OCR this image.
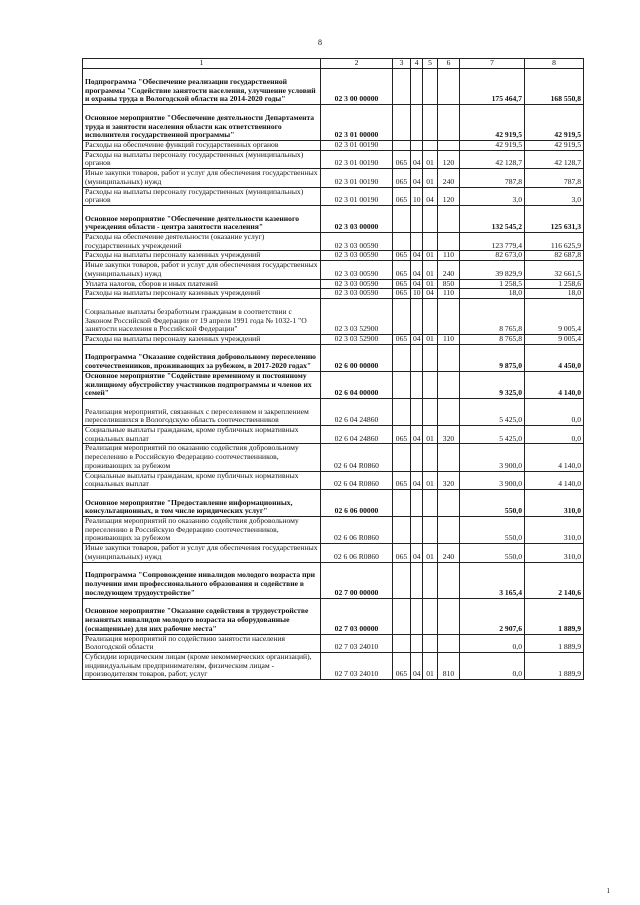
8
1	2	3	4	5	6	7	8
Подпрограмма "Обеспечение реализации государственной программы "Содействие занятости населения, улучшение условий и охраны труда в Вологодской области на 2014-2020 годы"	02 3 00 00000					175 464,7	168 550,8
Основное мероприятие "Обеспечение деятельности Департамента труда и занятости населения области как ответственного исполнителя государственной программы"	02 3 01 00000					42 919,5	42 919,5
Расходы на обеспечение функций государственных органов	02 3 01 00190					42 919,5	42 919,5
Расходы на выплаты персоналу государственных (муниципальных) органов	02 3 01 00190	065	04	01	120	42 128,7	42 128,7
Иные закупки товаров, работ и услуг для обеспечения государственных (муниципальных) нужд	02 3 01 00190	065	04	01	240	787,8	787,8
Расходы на выплаты персоналу государственных (муниципальных) органов	02 3 01 00190	065	10	04	120	3,0	3,0
Основное мероприятие "Обеспечение деятельности казенного учреждения области - центра занятости населения"	02 3 03 00000					132 545,2	125 631,3
Расходы на обеспечение деятельности (оказание услуг) государственных учреждений	02 3 03 00590					123 779,4	116 625,9
Расходы на выплаты персоналу казенных учреждений	02 3 03 00590	065	04	01	110	82 673,0	82 687,8
Иные закупки товаров, работ и услуг для обеспечения государственных (муниципальных) нужд	02 3 03 00590	065	04	01	240	39 829,9	32 661,5
Уплата налогов, сборов и иных платежей	02 3 03 00590	065	04	01	850	1 258,5	1 258,6
Расходы на выплаты персоналу казенных учреждений	02 3 03 00590	065	10	04	110	18,0	18,0
Социальные выплаты безработным гражданам в соответствии с Законом Российской Федерации от 19 апреля 1991 года № 1032-1 "О занятости населения в Российской Федерации"	02 3 03 52900					8 765,8	9 005,4
Расходы на выплаты персоналу казенных учреждений	02 3 03 52900	065	04	01	110	8 765,8	9 005,4
Подпрограмма "Оказание содействия добровольному переселению соотечественников, проживающих за рубежом, в 2017-2020 годах"	02 6 00 00000					9 875,0	4 450,0
Основное мероприятие "Содействие временному и постоянному жилищному обустройству участников подпрограммы и членов их семей"	02 6 04 00000					9 325,0	4 140,0
Реализация мероприятий, связанных с переселением и закреплением переселившихся в Вологодскую область соотечественников	02 6 04 24860					5 425,0	0,0
Социальные выплаты гражданам, кроме публичных нормативных социальных выплат	02 6 04 24860	065	04	01	320	5 425,0	0,0
Реализация мероприятий по оказанию содействия добровольному переселению в Российскую Федерацию соотечественников, проживающих за рубежом	02 6 04 R0860					3 900,0	4 140,0
Социальные выплаты гражданам, кроме публичных нормативных социальных выплат	02 6 04 R0860	065	04	01	320	3 900,0	4 140,0
Основное мероприятие "Предоставление информационных, консультационных, в том числе юридических услуг"	02 6 06 00000					550,0	310,0
Реализация мероприятий по оказанию содействия добровольному переселению в Российскую Федерацию соотечественников, проживающих за рубежом	02 6 06 R0860					550,0	310,0
Иные закупки товаров, работ и услуг для обеспечения государственных (муниципальных) нужд	02 6 06 R0860	065	04	01	240	550,0	310,0
Подпрограмма "Сопровождение инвалидов молодого возраста при получении ими профессионального образования и содействие в последующем трудоустройстве"	02 7 00 00000					3 165,4	2 140,6
Основное мероприятие "Оказание содействия в трудоустройстве незанятых инвалидов молодого возраста на оборудованные (оснащенные) для них рабочие места"	02 7 03 00000					2 907,6	1 889,9
Реализация мероприятий по содействию занятости населения Вологодской области	02 7 03 24010					0,0	1 889,9
Субсидии юридическим лицам (кроме некоммерческих организаций), индивидуальным предпринимателям, физическим лицам - производителям товаров, работ, услуг	02 7 03 24010	065	04	01	810	0,0	1 889,9
1
